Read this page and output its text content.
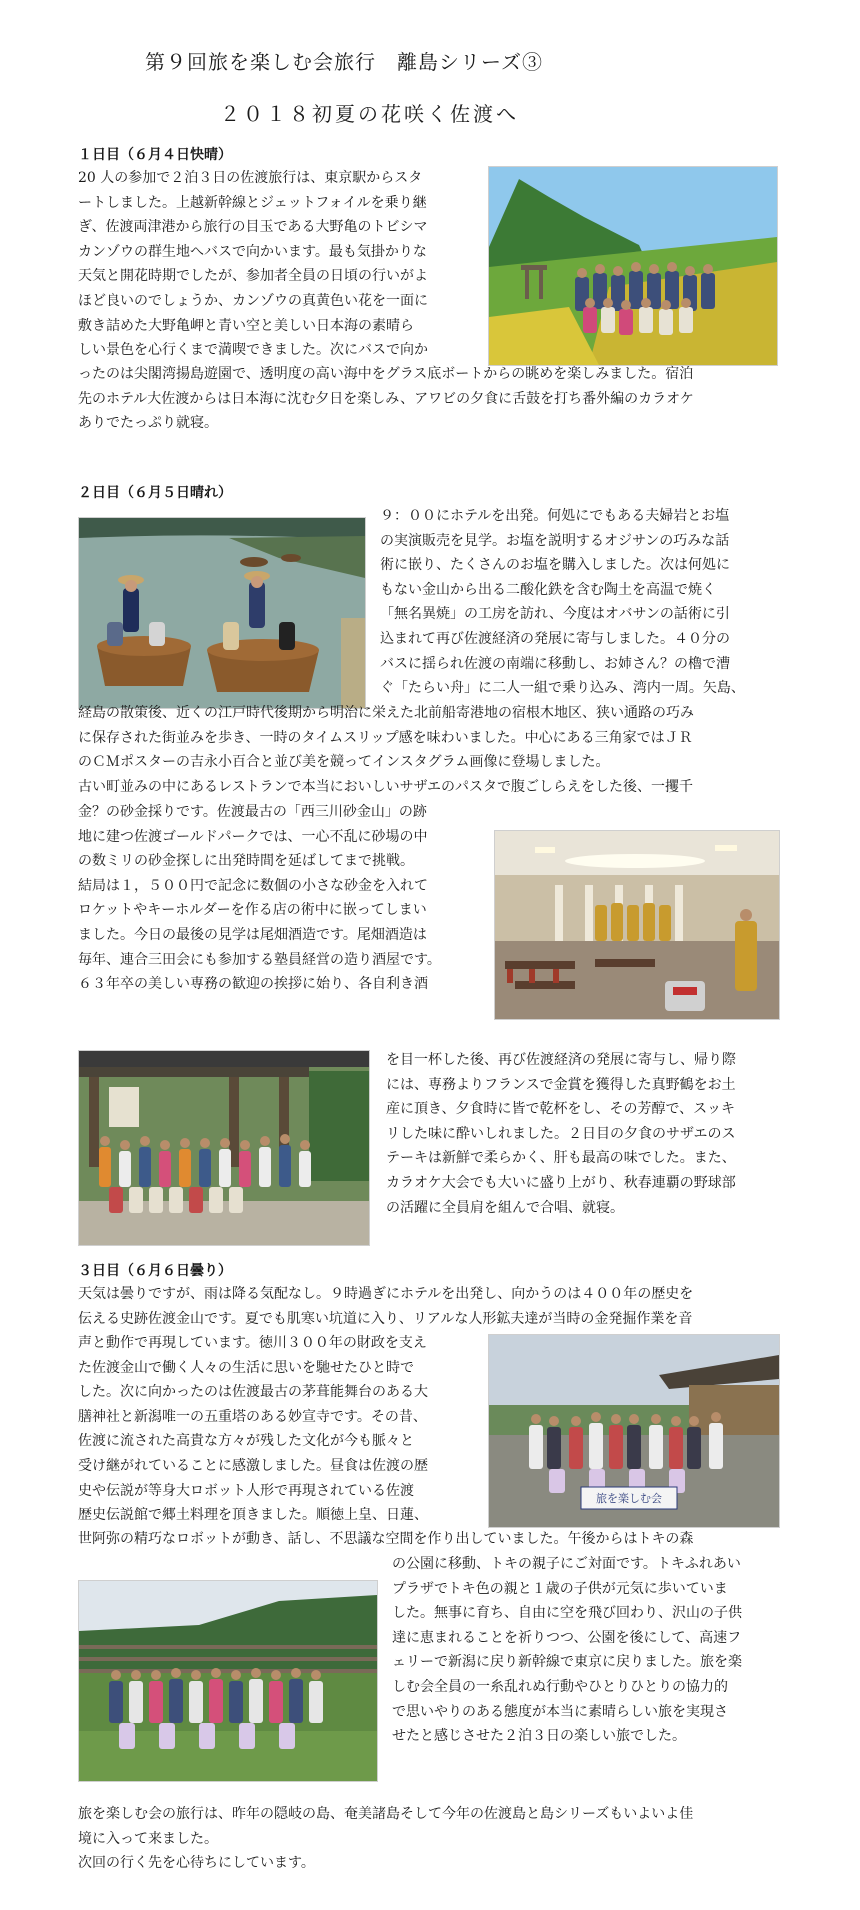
第９回旅を楽しむ会旅行　離島シリーズ③
２０１８初夏の花咲く佐渡へ
１日目（６月４日快晴）
20 人の参加で２泊３日の佐渡旅行は、東京駅からスタ
ートしました。上越新幹線とジェットフォイルを乗り継
ぎ、佐渡両津港から旅行の目玉である大野亀のトビシマ
カンゾウの群生地へバスで向かいます。最も気掛かりな
天気と開花時期でしたが、参加者全員の日頃の行いがよ
ほど良いのでしょうか、カンゾウの真黄色い花を一面に
敷き詰めた大野亀岬と青い空と美しい日本海の素晴ら
しい景色を心行くまで満喫できました。次にバスで向か
ったのは尖閣湾揚島遊園で、透明度の高い海中をグラス底ボートからの眺めを楽しみました。宿泊
先のホテル大佐渡からは日本海に沈む夕日を楽しみ、アワビの夕食に舌鼓を打ち番外編のカラオケ
ありでたっぷり就寝。
２日目（６月５日晴れ）
９：００にホテルを出発。何処にでもある夫婦岩とお塩
の実演販売を見学。お塩を説明するオジサンの巧みな話
術に嵌り、たくさんのお塩を購入しました。次は何処に
もない金山から出る二酸化鉄を含む陶土を高温で焼く
「無名異焼」の工房を訪れ、今度はオバサンの話術に引
込まれて再び佐渡経済の発展に寄与しました。４０分の
バスに揺られ佐渡の南端に移動し、お姉さん？の櫓で漕
ぐ「たらい舟」に二人一組で乗り込み、湾内一周。矢島、
経島の散策後、近くの江戸時代後期から明治に栄えた北前船寄港地の宿根木地区、狭い通路の巧み
に保存された街並みを歩き、一時のタイムスリップ感を味わいました。中心にある三角家ではＪＲ
のＣＭポスターの吉永小百合と並び美を競ってインスタグラム画像に登場しました。
古い町並みの中にあるレストランで本当においしいサザエのパスタで腹ごしらえをした後、一攫千
金？の砂金採りです。佐渡最古の「西三川砂金山」の跡
地に建つ佐渡ゴールドパークでは、一心不乱に砂場の中
の数ミリの砂金探しに出発時間を延ばしてまで挑戦。
結局は１，５００円で記念に数個の小さな砂金を入れて
ロケットやキーホルダーを作る店の術中に嵌ってしまい
ました。今日の最後の見学は尾畑酒造です。尾畑酒造は
毎年、連合三田会にも参加する塾員経営の造り酒屋です。
６３年卒の美しい専務の歓迎の挨拶に始り、各自利き酒
を目一杯した後、再び佐渡経済の発展に寄与し、帰り際
には、専務よりフランスで金賞を獲得した真野鶴をお土
産に頂き、夕食時に皆で乾杯をし、その芳醇で、スッキ
リした味に酔いしれました。２日目の夕食のサザエのス
テーキは新鮮で柔らかく、肝も最高の味でした。また、
カラオケ大会でも大いに盛り上がり、秋春連覇の野球部
の活躍に全員肩を組んで合唱、就寝。
３日目（６月６日曇り）
天気は曇りですが、雨は降る気配なし。９時過ぎにホテルを出発し、向かうのは４００年の歴史を
伝える史跡佐渡金山です。夏でも肌寒い坑道に入り、リアルな人形鉱夫達が当時の金発掘作業を音
声と動作で再現しています。徳川３００年の財政を支え
た佐渡金山で働く人々の生活に思いを馳せたひと時で
した。次に向かったのは佐渡最古の茅葺能舞台のある大
膳神社と新潟唯一の五重塔のある妙宣寺です。その昔、
佐渡に流された高貴な方々が残した文化が今も脈々と
受け継がれていることに感激しました。昼食は佐渡の歴
史や伝説が等身大ロボット人形で再現されている佐渡
歴史伝説館で郷土料理を頂きました。順徳上皇、日蓮、
旅を楽しむ会
世阿弥の精巧なロボットが動き、話し、不思議な空間を作り出していました。午後からはトキの森
の公園に移動、トキの親子にご対面です。トキふれあい
プラザでトキ色の親と１歳の子供が元気に歩いていま
した。無事に育ち、自由に空を飛び回わり、沢山の子供
達に恵まれることを祈りつつ、公園を後にして、高速フ
ェリーで新潟に戻り新幹線で東京に戻りました。旅を楽
しむ会全員の一糸乱れぬ行動やひとりひとりの協力的
で思いやりのある態度が本当に素晴らしい旅を実現さ
せたと感じさせた２泊３日の楽しい旅でした。
旅を楽しむ会の旅行は、昨年の隠岐の島、奄美諸島そして今年の佐渡島と島シリーズもいよいよ佳
境に入って来ました。
次回の行く先を心待ちにしています。
